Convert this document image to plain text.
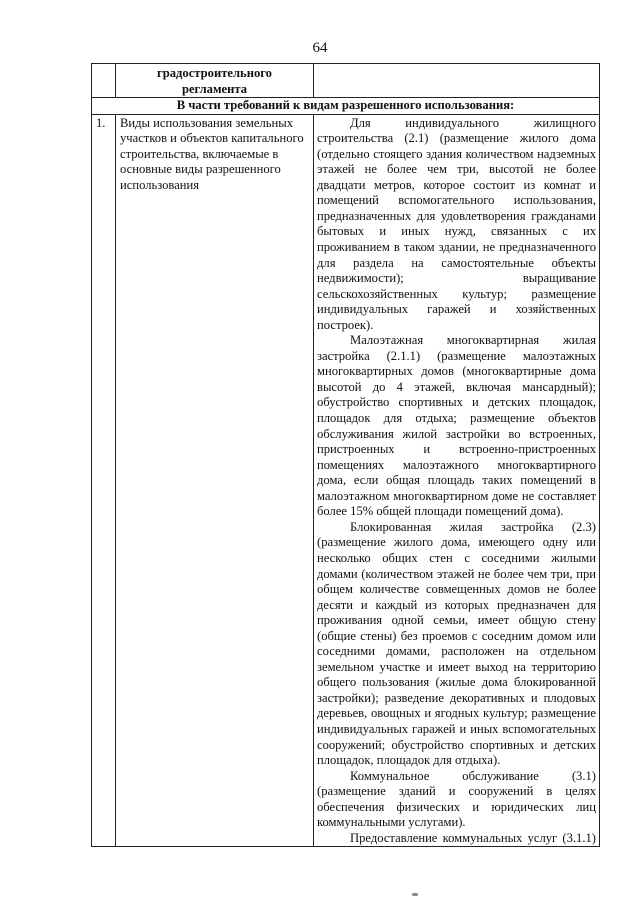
64

	градостроительного
регламента	

В части требований к видам разрешенного использования:		
1.	Виды использования земельных участков и объектов капитального строительства, включаемые в основные виды разрешенного использования	Для индивидуального жилищного строительства (2.1) (размещение жилого дома (отдельно стоящего здания количеством надземных этажей не более чем три, высотой не более двадцати метров, которое состоит из комнат и помещений вспомогательного использования, предназначенных для удовлетворения гражданами бытовых и иных нужд, связанных с их проживанием в таком здании, не предназначенного для раздела на самостоятельные объекты недвижимости); выращивание сельскохозяйственных культур; размещение индивидуальных гаражей и хозяйственных построек).

Малоэтажная многоквартирная жилая застройка (2.1.1) (размещение малоэтажных многоквартирных домов (многоквартирные дома высотой до 4 этажей, включая мансардный); обустройство спортивных и детских площадок, площадок для отдыха; размещение объектов обслуживания жилой застройки во встроенных, пристроенных и встроенно-пристроенных помещениях малоэтажного многоквартирного дома, если общая площадь таких помещений в малоэтажном многоквартирном доме не составляет более 15% общей площади помещений дома).

Блокированная жилая застройка (2.3) (размещение жилого дома, имеющего одну или несколько общих стен с соседними жилыми домами (количеством этажей не более чем три, при общем количестве совмещенных домов не более десяти и каждый из которых предназначен для проживания одной семьи, имеет общую стену (общие стены) без проемов с соседним домом или соседними домами, расположен на отдельном земельном участке и имеет выход на территорию общего пользования (жилые дома блокированной застройки); разведение декоративных и плодовых деревьев, овощных и ягодных культур; размещение индивидуальных гаражей и иных вспомогательных сооружений; обустройство спортивных и детских площадок, площадок для отдыха).

Коммунальное обслуживание (3.1) (размещение зданий и сооружений в целях обеспечения физических и юридических лиц коммунальными услугами).

Предоставление коммунальных услуг (3.1.1)
